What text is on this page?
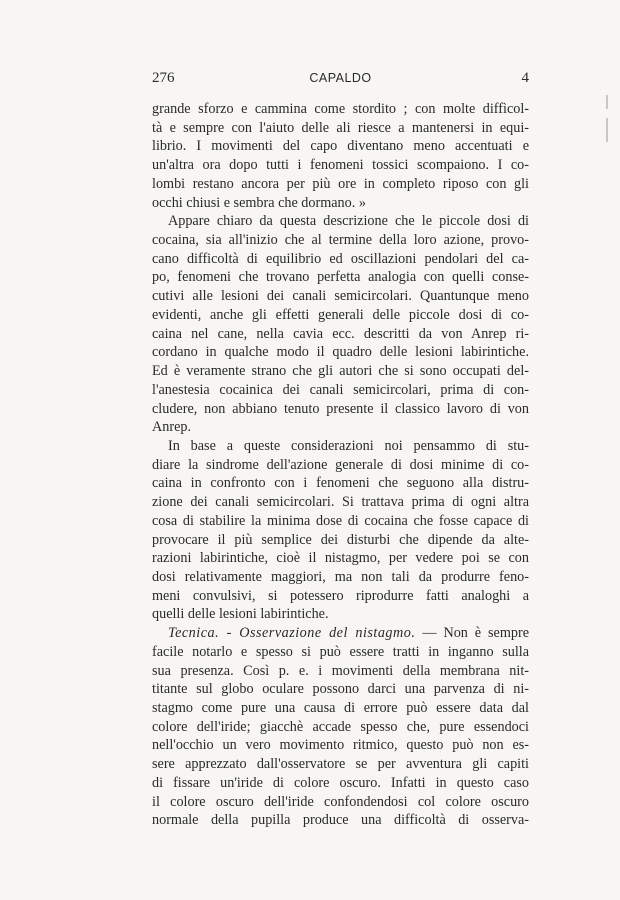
276	CAPALDO	4
grande sforzo e cammina come stordito ; con molte diffìcol-
tà e sempre con l'aiuto delle ali riesce a mantenersi in equi-
librio. I movimenti del capo diventano meno accentuati e
un'altra ora dopo tutti i fenomeni tossici scompaiono. I co-
lombi restano ancora per più ore in completo riposo con gli
occhi chiusi e sembra che dormano. »
Appare chiaro da questa descrizione che le piccole dosi di
cocaina, sia all'inizio che al termine della loro azione, provo-
cano difficoltà di equilibrio ed oscillazioni pendolari del ca-
po, fenomeni che trovano perfetta analogia con quelli conse-
cutivi alle lesioni dei canali semicircolari. Quantunque meno
evidenti, anche gli effetti generali delle piccole dosi di co-
caina nel cane, nella cavia ecc. descritti da von Anrep ri-
cordano in qualche modo il quadro delle lesioni labirintiche.
Ed è veramente strano che gli autori che si sono occupati del-
l'anestesia cocainica dei canali semicircolari, prima di con-
cludere, non abbiano tenuto presente il classico lavoro di von
Anrep.
In base a queste considerazioni noi pensammo di stu-
diare la sindrome dell'azione generale di dosi minime di co-
caina in confronto con i fenomeni che seguono alla distru-
zione dei canali semicircolari. Si trattava prima di ogni altra
cosa di stabilire la minima dose di cocaina che fosse capace di
provocare il più semplice dei disturbi che dipende da alte-
razioni labirintiche, cioè il nistagmo, per vedere poi se con
dosi relativamente maggiori, ma non tali da produrre feno-
meni convulsivi, si potessero riprodurre fatti analoghi a
quelli delle lesioni labirintiche.
Tecnica. - Osservazione del nistagmo. — Non è sempre
facile notarlo e spesso si può essere tratti in inganno sulla
sua presenza. Così p. e. i movimenti della membrana nit-
titante sul globo oculare possono darci una parvenza di ni-
stagmo come pure una causa di errore può essere data dal
colore dell'iride; giacchè accade spesso che, pure essendoci
nell'occhio un vero movimento ritmico, questo può non es-
sere apprezzato dall'osservatore se per avventura gli capiti
di fissare un'iride di colore oscuro. Infatti in questo caso
il colore oscuro dell'iride confondendosi col colore oscuro
normale della pupilla produce una difficoltà di osserva-
